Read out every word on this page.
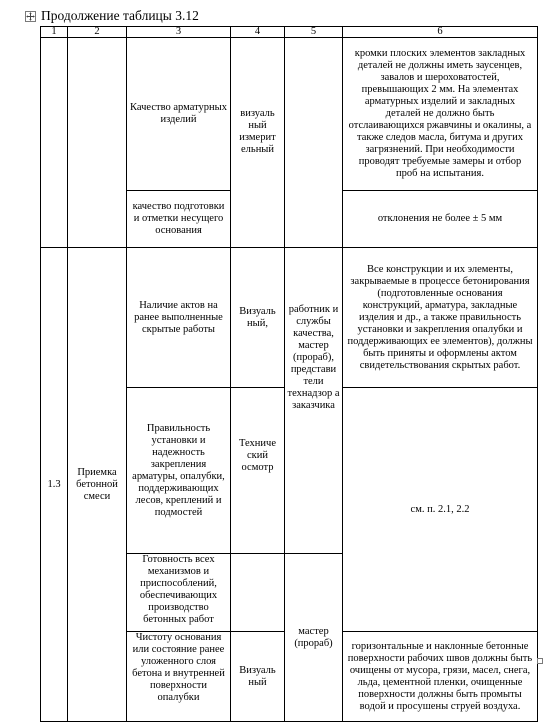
Продолжение таблицы 3.12
1	2	3	4	5	6
		Качество арматурных изделий	визуаль ный измерит ельный		кромки плоских элементов закладных деталей не должны иметь заусенцев, завалов и шероховатостей, превышающих 2 мм. На элементах арматурных изделий и закладных деталей не должно быть отслаивающихся ржавчины и окалины, а также следов масла, битума и других загрязнений. При необходимости проводят требуемые замеры и отбор проб на испытания.
		качество подготовки и отметки несущего основания			отклонения не более ± 5 мм
1.3	Приемка бетонной смеси	Наличие актов на ранее выполненные скрытые работы	Визуаль ный,	работник и службы качества, мастер (прораб), представи тели технадзор а заказчика	Все конструкции и их элементы, закрываемые в процессе бетонирования (подготовленные основания конструкций, арматура, закладные изделия и др., а также правильность установки и закрепления опалубки и поддерживающих ее элементов), должны быть приняты и оформлены актом свидетельствования скрытых работ.
		Правильность установки и надежность закрепления арматуры, опалубки, поддерживающих лесов, креплений и подмостей	Техниче ский осмотр		см. п. 2.1, 2.2
		Готовность всех механизмов и приспособлений, обеспечивающих производство бетонных работ		мастер (прораб)	
		Чистоту основания или состояние ранее уложенного слоя бетона и внутренней поверхности опалубки	Визуаль ный		горизонтальные и наклонные бетонные поверхности рабочих швов должны быть очищены от мусора, грязи, масел, снега, льда, цементной пленки, очищенные поверхности должны быть промыты водой и просушены струей воздуха.
